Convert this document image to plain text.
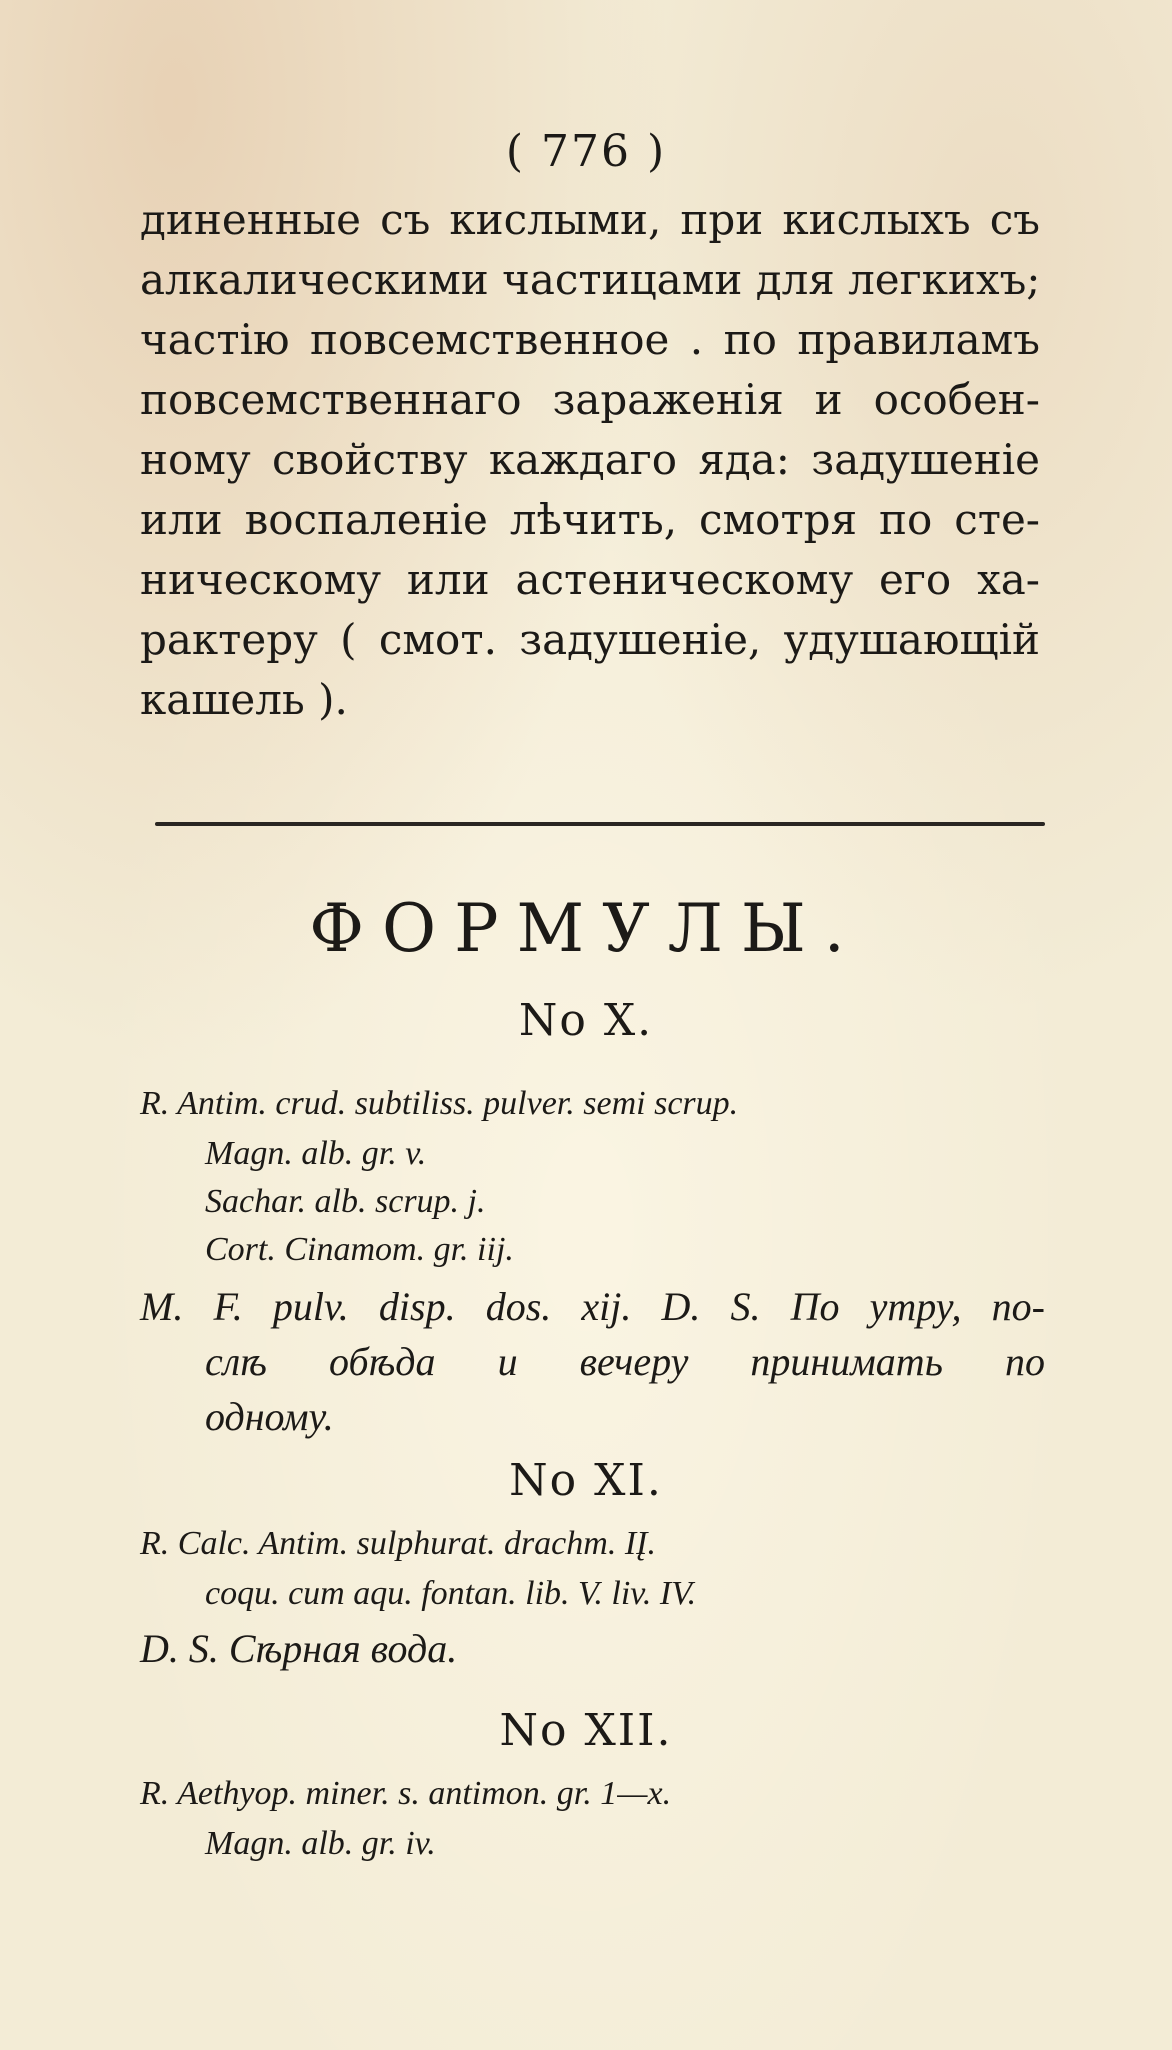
( 776 )
диненные съ кислыми, при кислыхъ съ
алкалическими частицами для легкихъ;
частію повсемственное . по правиламъ
повсемственнаго зараженія и особен-
ному свойству каждаго яда: задушеніе
или воспаленіе лѣчить, смотря по сте-
ническому или астеническому его ха-
рактеру ( смот. задушеніе, удушающій
кашель ).
ФОРМУЛЫ.
No X.
R. Antim. crud. subtiliss. pulver. semi scrup.
Magn. alb. gr. v.
Sachar. alb. scrup. j.
Cort. Cinamom. gr. iij.
M. F. pulv. disp. dos. xij. D. S. По утру, по-
слѣ обѣда и вечеру принимать по
одному.
No XI.
R. Calc. Antim. sulphurat. drachm. IĮ.
coqu. cum aqu. fontan. lib. V. liv. IV.
D. S. Сѣрная вода.
No XII.
R. Aethyop. miner. s. antimon. gr. 1—x.
Magn. alb. gr. iv.
